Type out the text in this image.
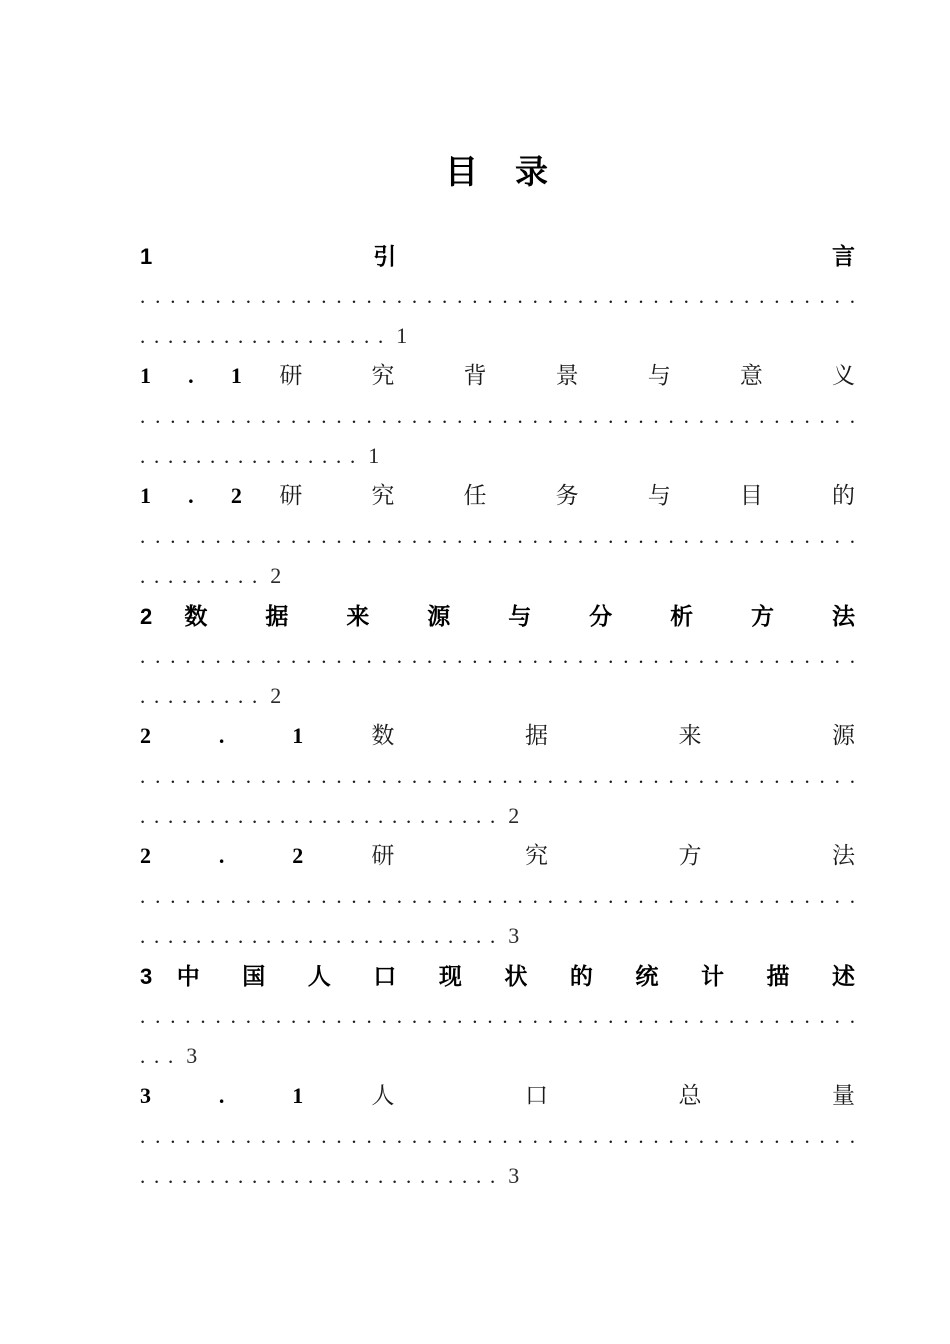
目　录
1	引 言
. . . . . . . . . . . . . . . . . . . . . . . . . . . . . . . . . . . . . . . . . . . . . . . .
. . . . . . . . . . . . . . . . . . 1
1 . 1 研 究 背 景 与 意 义
. . . . . . . . . . . . . . . . . . . . . . . . . . . . . . . . . . . . . . . . . . . . . . . .
. . . . . . . . . . . . . . . . 1
1 . 2 研 究 任 务 与 目 的
. . . . . . . . . . . . . . . . . . . . . . . . . . . . . . . . . . . . . . . . . . . . . . . .
. . . . . . . . . 2
2 数 据 来 源 与 分 析 方 法
. . . . . . . . . . . . . . . . . . . . . . . . . . . . . . . . . . . . . . . . . . . . . . . .
. . . . . . . . . 2
2 . 1	数 据 来 源
. . . . . . . . . . . . . . . . . . . . . . . . . . . . . . . . . . . . . . . . . . . . . . . .
. . . . . . . . . . . . . . . . . . . . . . . . . . 2
2 . 2	研 究 方 法
. . . . . . . . . . . . . . . . . . . . . . . . . . . . . . . . . . . . . . . . . . . . . . . .
. . . . . . . . . . . . . . . . . . . . . . . . . . 3
3 中 国 人 口 现 状 的 统 计 描 述
. . . . . . . . . . . . . . . . . . . . . . . . . . . . . . . . . . . . . . . . . . . . . . . .
. . . 3
3 . 1	人 口 总 量
. . . . . . . . . . . . . . . . . . . . . . . . . . . . . . . . . . . . . . . . . . . . . . . .
. . . . . . . . . . . . . . . . . . . . . . . . . . 3
